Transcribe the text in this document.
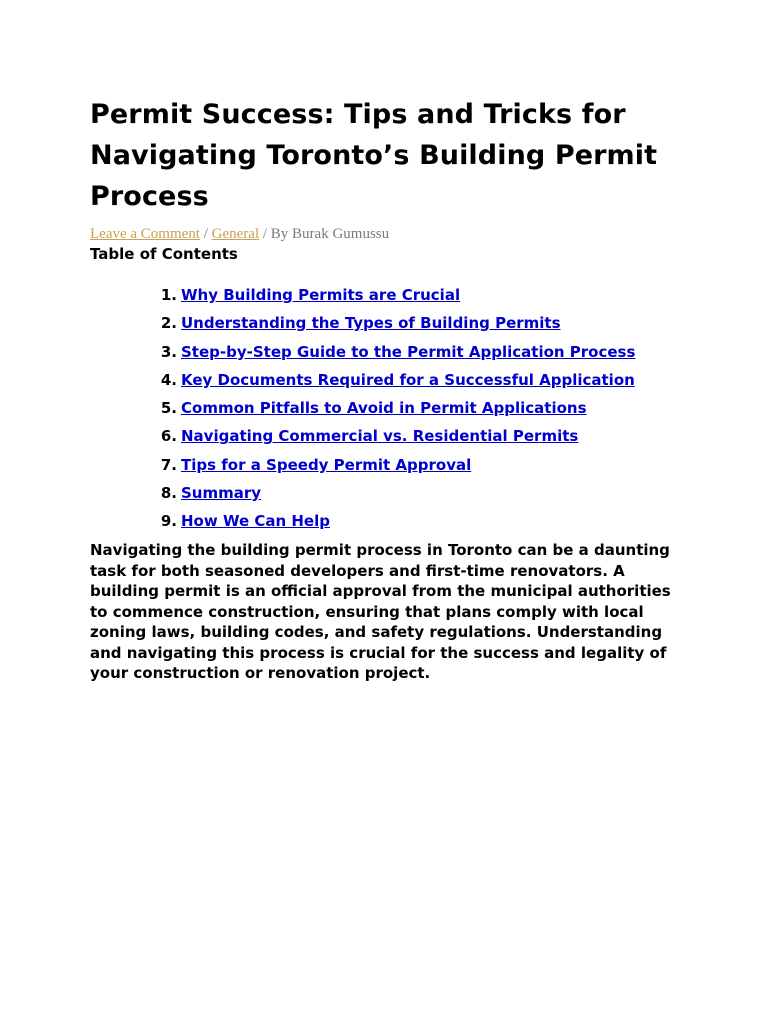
Permit Success: Tips and Tricks for Navigating Toronto’s Building Permit Process
Leave a Comment / General / By Burak Gumussu
Table of Contents
1. Why Building Permits are Crucial
2. Understanding the Types of Building Permits
3. Step-by-Step Guide to the Permit Application Process
4. Key Documents Required for a Successful Application
5. Common Pitfalls to Avoid in Permit Applications
6. Navigating Commercial vs. Residential Permits
7. Tips for a Speedy Permit Approval
8. Summary
9. How We Can Help

Navigating the building permit process in Toronto can be a daunting task for both seasoned developers and first-time renovators. A building permit is an official approval from the municipal authorities to commence construction, ensuring that plans comply with local zoning laws, building codes, and safety regulations. Understanding and navigating this process is crucial for the success and legality of your construction or renovation project.
